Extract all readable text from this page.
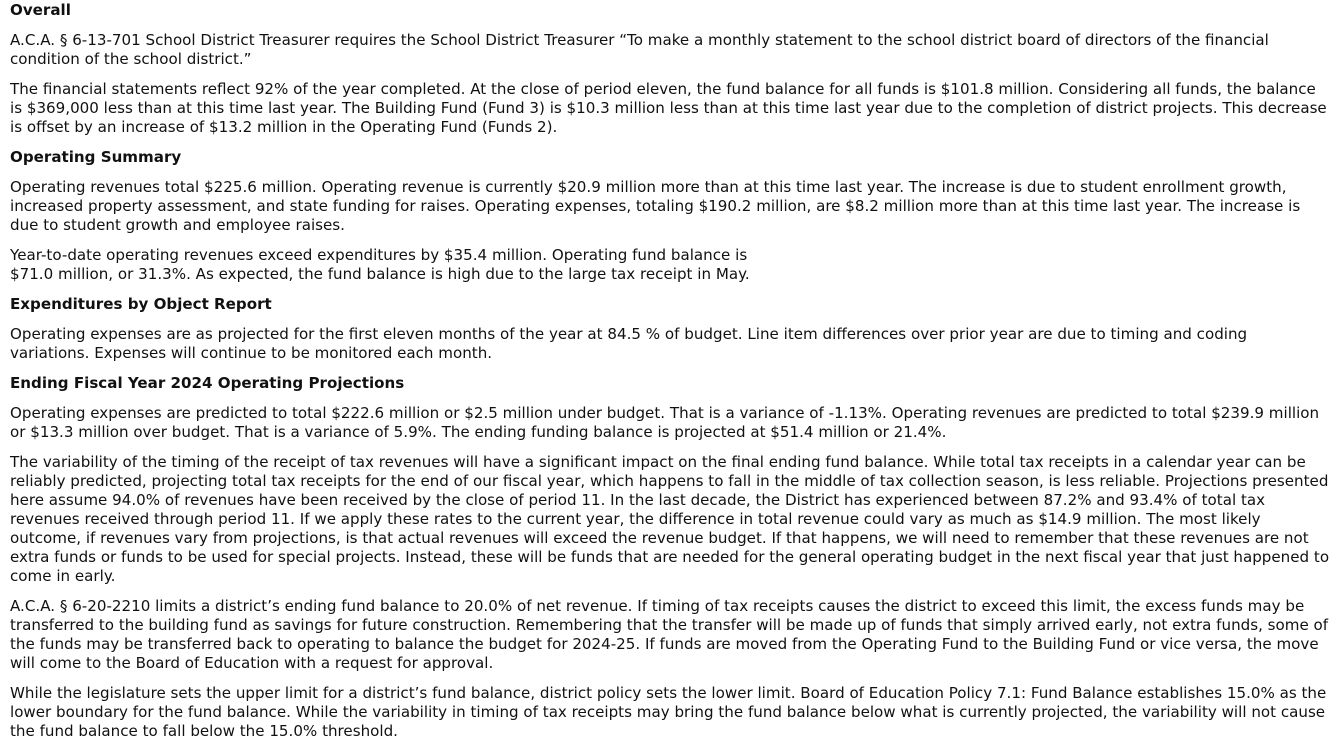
Overall
A.C.A. § 6-13-701 School District Treasurer requires the School District Treasurer “To make a monthly statement to the school district board of directors of the financial condition of the school district.”
The financial statements reflect 92% of the year completed. At the close of period eleven, the fund balance for all funds is $101.8 million. Considering all funds, the balance is $369,000 less than at this time last year. The Building Fund (Fund 3) is $10.3 million less than at this time last year due to the completion of district projects. This decrease is offset by an increase of $13.2 million in the Operating Fund (Funds 2).
Operating Summary
Operating revenues total $225.6 million. Operating revenue is currently $20.9 million more than at this time last year. The increase is due to student enrollment growth, increased property assessment, and state funding for raises. Operating expenses, totaling $190.2 million, are $8.2 million more than at this time last year. The increase is due to student growth and employee raises.
Year-to-date operating revenues exceed expenditures by $35.4 million. Operating fund balance is
$71.0 million, or 31.3%. As expected, the fund balance is high due to the large tax receipt in May.
Expenditures by Object Report
Operating expenses are as projected for the first eleven months of the year at 84.5 % of budget. Line item differences over prior year are due to timing and coding variations. Expenses will continue to be monitored each month.
Ending Fiscal Year 2024 Operating Projections
Operating expenses are predicted to total $222.6 million or $2.5 million under budget. That is a variance of -1.13%. Operating revenues are predicted to total $239.9 million or $13.3 million over budget. That is a variance of 5.9%. The ending funding balance is projected at $51.4 million or 21.4%.
The variability of the timing of the receipt of tax revenues will have a significant impact on the final ending fund balance. While total tax receipts in a calendar year can be reliably predicted, projecting total tax receipts for the end of our fiscal year, which happens to fall in the middle of tax collection season, is less reliable. Projections presented here assume 94.0% of revenues have been received by the close of period 11. In the last decade, the District has experienced between 87.2% and 93.4% of total tax revenues received through period 11. If we apply these rates to the current year, the difference in total revenue could vary as much as $14.9 million. The most likely outcome, if revenues vary from projections, is that actual revenues will exceed the revenue budget. If that happens, we will need to remember that these revenues are not extra funds or funds to be used for special projects. Instead, these will be funds that are needed for the general operating budget in the next fiscal year that just happened to come in early.
A.C.A. § 6-20-2210 limits a district’s ending fund balance to 20.0% of net revenue. If timing of tax receipts causes the district to exceed this limit, the excess funds may be transferred to the building fund as savings for future construction. Remembering that the transfer will be made up of funds that simply arrived early, not extra funds, some of the funds may be transferred back to operating to balance the budget for 2024-25. If funds are moved from the Operating Fund to the Building Fund or vice versa, the move will come to the Board of Education with a request for approval.
While the legislature sets the upper limit for a district’s fund balance, district policy sets the lower limit. Board of Education Policy 7.1: Fund Balance establishes 15.0% as the lower boundary for the fund balance. While the variability in timing of tax receipts may bring the fund balance below what is currently projected, the variability will not cause the fund balance to fall below the 15.0% threshold.
